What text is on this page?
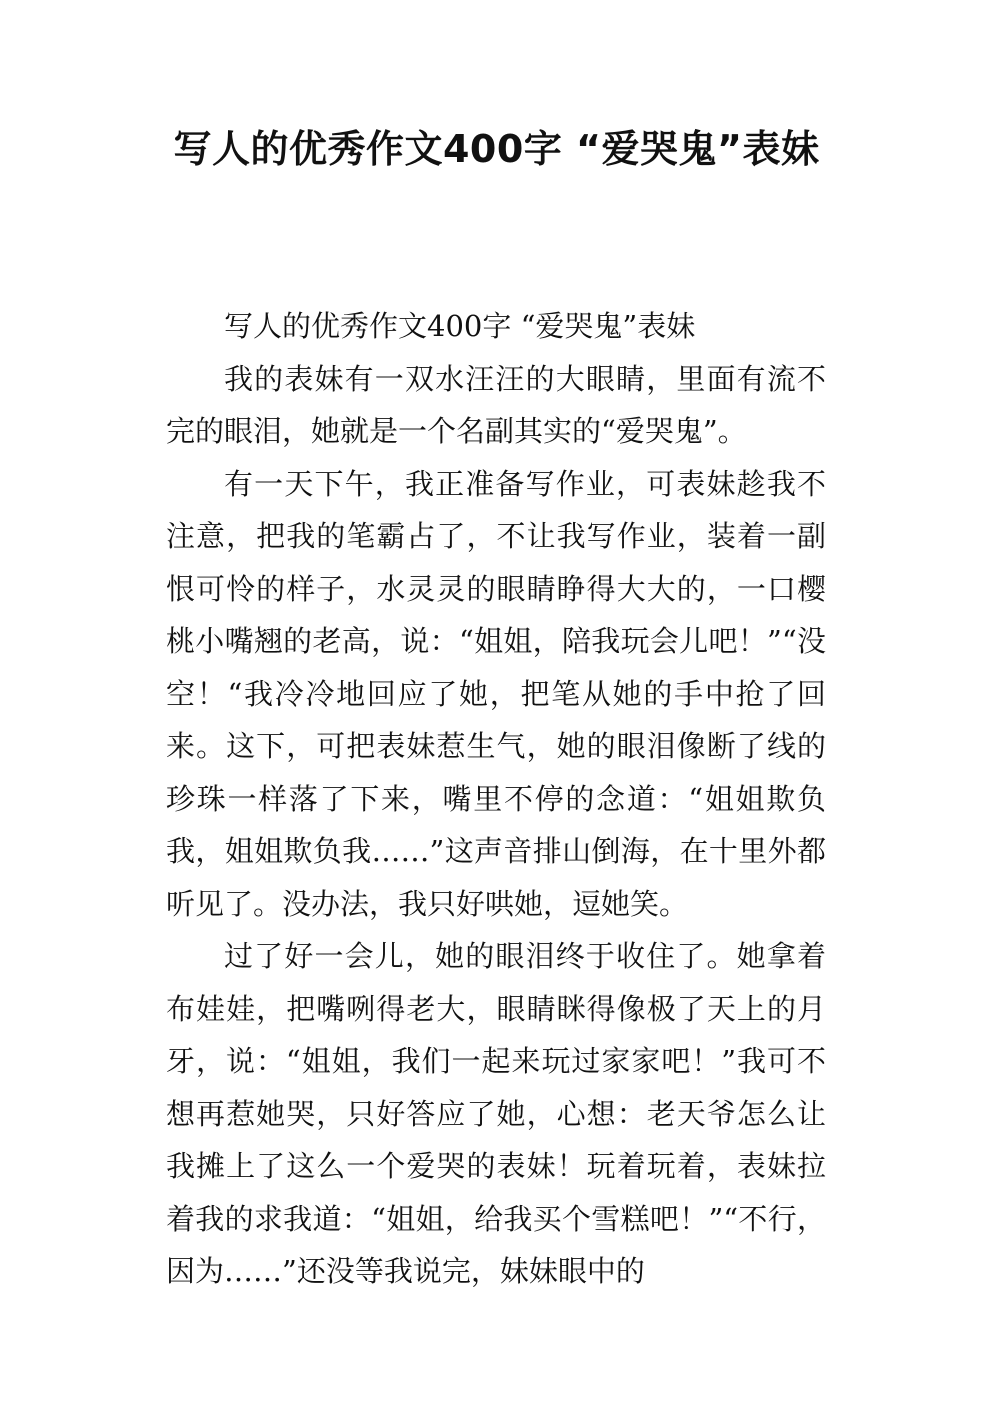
写人的优秀作文400字 “爱哭鬼”表妹

写人的优秀作文400字 “爱哭鬼”表妹

我的表妹有一双水汪汪的大眼睛，里面有流不完的眼泪，她就是一个名副其实的“爱哭鬼”。

有一天下午，我正准备写作业，可表妹趁我不注意，把我的笔霸占了，不让我写作业，装着一副恨可怜的样子，水灵灵的眼睛睁得大大的，一口樱桃小嘴翘的老高，说：“姐姐，陪我玩会儿吧！”“没空！“我冷冷地回应了她，把笔从她的手中抢了回来。这下，可把表妹惹生气，她的眼泪像断了线的珍珠一样落了下来，嘴里不停的念道：“姐姐欺负我，姐姐欺负我……”这声音排山倒海，在十里外都听见了。没办法，我只好哄她，逗她笑。

过了好一会儿，她的眼泪终于收住了。她拿着布娃娃，把嘴咧得老大，眼睛眯得像极了天上的月牙，说：“姐姐，我们一起来玩过家家吧！”我可不想再惹她哭，只好答应了她，心想：老天爷怎么让我摊上了这么一个爱哭的表妹！玩着玩着，表妹拉着我的求我道：“姐姐，给我买个雪糕吧！”“不行，因为……”还没等我说完，妹妹眼中的
